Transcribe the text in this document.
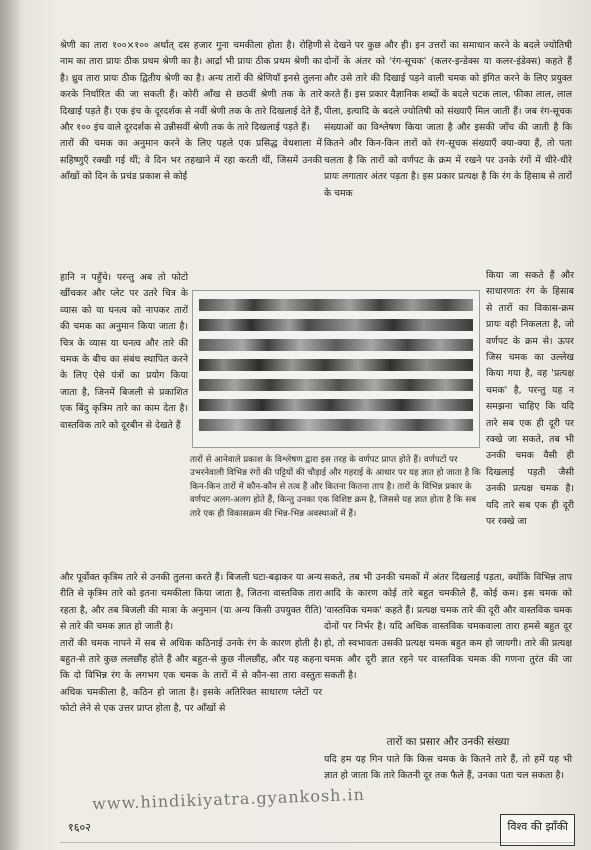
श्रेणी का तारा १००×१०० अर्थात् दस हजार गुना चमकीला होता है। रोहिणी नाम का तारा प्रायः ठीक प्रथम श्रेणी का है। आर्द्रा भी प्रायः ठीक प्रथम श्रेणी का है। ध्रुव तारा प्रायः ठीक द्वितीय श्रेणी का है। अन्य तारों की श्रेणियाँ इनसे तुलना करके निर्धारित की जा सकती हैं। कोरी आँख से छठवीं श्रेणी तक के तारे दिखाई पड़ते हैं। एक इंच के दूरदर्शक से नवीं श्रेणी तक के तारे दिखलाई देते हैं, और १०० इंच वाले दूरदर्शक से उन्नीसवीं श्रेणी तक के तारे दिखलाई पड़ते हैं।

तारों की चमक का अनुमान करने के लिए पहले एक प्रसिद्ध वेधशाला में सहिष्णुएँ रक्खी गई थीं; वे दिन भर तहखाने में रहा करती थीं, जिसमें उनकी आँखों को दिन के प्रचंड प्रकाश से कोई

से देखने पर कुछ और ही। इन उत्तरों का समाधान करने के बदले ज्योतिषी दोनों के अंतर को 'रंग-सूचक' (कलर-इन्डेक्स या कलर-इंडेक्स) कहते हैं और उसे तारे की दिखाई पड़ने वाली चमक को इंगित करने के लिए प्रयुक्त करते हैं। इस प्रकार वैज्ञानिक शब्दों के बदले चटक लाल, फीका लाल, लाल पीला, इत्यादि के बदले ज्योतिषी को संख्याएँ मिल जाती हैं। जब रंग-सूचक संख्याओं का विश्लेषण किया जाता है और इसकी जाँच की जाती है कि कितने और किन-किन तारों को रंग-सूचक संख्याएँ क्या-क्या हैं, तो पता चलता है कि तारों को वर्णपट के क्रम में रखने पर उनके रंगों में धीरे-धीरे प्रायः लगातार अंतर पड़ता है। इस प्रकार प्रत्यक्ष है कि रंग के हिसाब से तारों के चमक

हानि न पहुँचे। परन्तु अब तो फोटो खींचकर और प्लेट पर उतरे चित्र के व्यास को या घनत्व को नापकर तारों की चमक का अनुमान किया जाता है। चित्र के व्यास या घनत्व और तारे की चमक के बीच का संबंध स्थापित करने के लिए ऐसे यंत्रों का प्रयोग किया जाता है, जिनमें बिजली से प्रकाशित एक बिंदु कृत्रिम तारे का काम देता है। वास्तविक तारे को दूरबीन से देखते हैं

तारों से आनेवाले प्रकाश के विश्लेषण द्वारा इस तरह के वर्णपट प्राप्त होते हैं। वर्णपटों पर उभरनेवाली विभिन्न रंगों की पट्टियों की चौड़ाई और गहराई के आधार पर यह ज्ञात हो जाता है कि किन-किन तारों में कौन-कौन से तत्व हैं और कितना कितना ताप है। तारों के विभिन्न प्रकार के वर्णपट अलग-अलग होते हैं, किन्तु उनका एक विशिष्ट क्रम है, जिससे यह ज्ञात होता है कि सब तारे एक ही विकासक्रम की भिन्न-भिन्न अवस्थाओं में हैं।

किया जा सकते हैं और साधारणतः रंग के हिसाब से तारों का विकास-क्रम प्रायः वही निकलता है, जो वर्णपट के क्रम से। ऊपर जिस चमक का उल्लेख किया गया है, वह 'प्रत्यक्ष चमक' है, परन्तु यह न समझना चाहिए कि यदि तारे सब एक ही दूरी पर रक्खे जा सकते, तब भी उनकी चमक वैसी ही दिखलाई पड़ती जैसी उनकी प्रत्यक्ष चमक है। यदि तारे सब एक ही दूरी पर रक्खे जा

और पूर्वोक्त कृत्रिम तारे से उनकी तुलना करते हैं। बिजली घटा-बढ़ाकर या अन्य रीति से कृत्रिम तारे को इतना चमकीला किया जाता है, जितना वास्तविक तारा रहता है, और तब बिजली की मात्रा के अनुमान (या अन्य किसी उपयुक्त रीति) से तारे की चमक ज्ञात हो जाती है।

तारों की चमक नापने में सब से अधिक कठिनाई उनके रंग के कारण होती है। बहुत-से तारे कुछ ललछौंह होते हैं और बहुत-से कुछ नीलछौंह, और यह कहना कि दो विभिन्न रंग के लगभग एक चमक के तारों में से कौन-सा तारा वस्तुतः अधिक चमकीला है, कठिन हो जाता है। इसके अतिरिक्त साधारण प्लेटों पर फोटो लेने से एक उत्तर प्राप्त होता है, पर आँखों से

सकते, तब भी उनकी चमकों में अंतर दिखलाई पड़ता, क्योंकि विभिन्न ताप आदि के कारण कोई तारे बहुत चमकीले हैं, कोई कम। इस चमक को 'वास्तविक चमक' कहते हैं। प्रत्यक्ष चमक तारे की दूरी और वास्तविक चमक दोनों पर निर्भर है। यदि अधिक वास्तविक चमकवाला तारा हमसे बहुत दूर हो, तो स्वभावतः उसकी प्रत्यक्ष चमक बहुत कम हो जायगी। तारे की प्रत्यक्ष चमक और दूरी ज्ञात रहने पर वास्तविक चमक की गणना तुरंत की जा सकती है।

तारों का प्रसार और उनकी संख्या

यदि हम यह गिन पाते कि किस चमक के कितने तारे हैं, तो हमें यह भी ज्ञात हो जाता कि तारे कितनी दूर तक फैले हैं, उनका पता चल सकता है।

www.hindikiyatra.gyankosh.in
१६०२	विश्व की झाँकी
